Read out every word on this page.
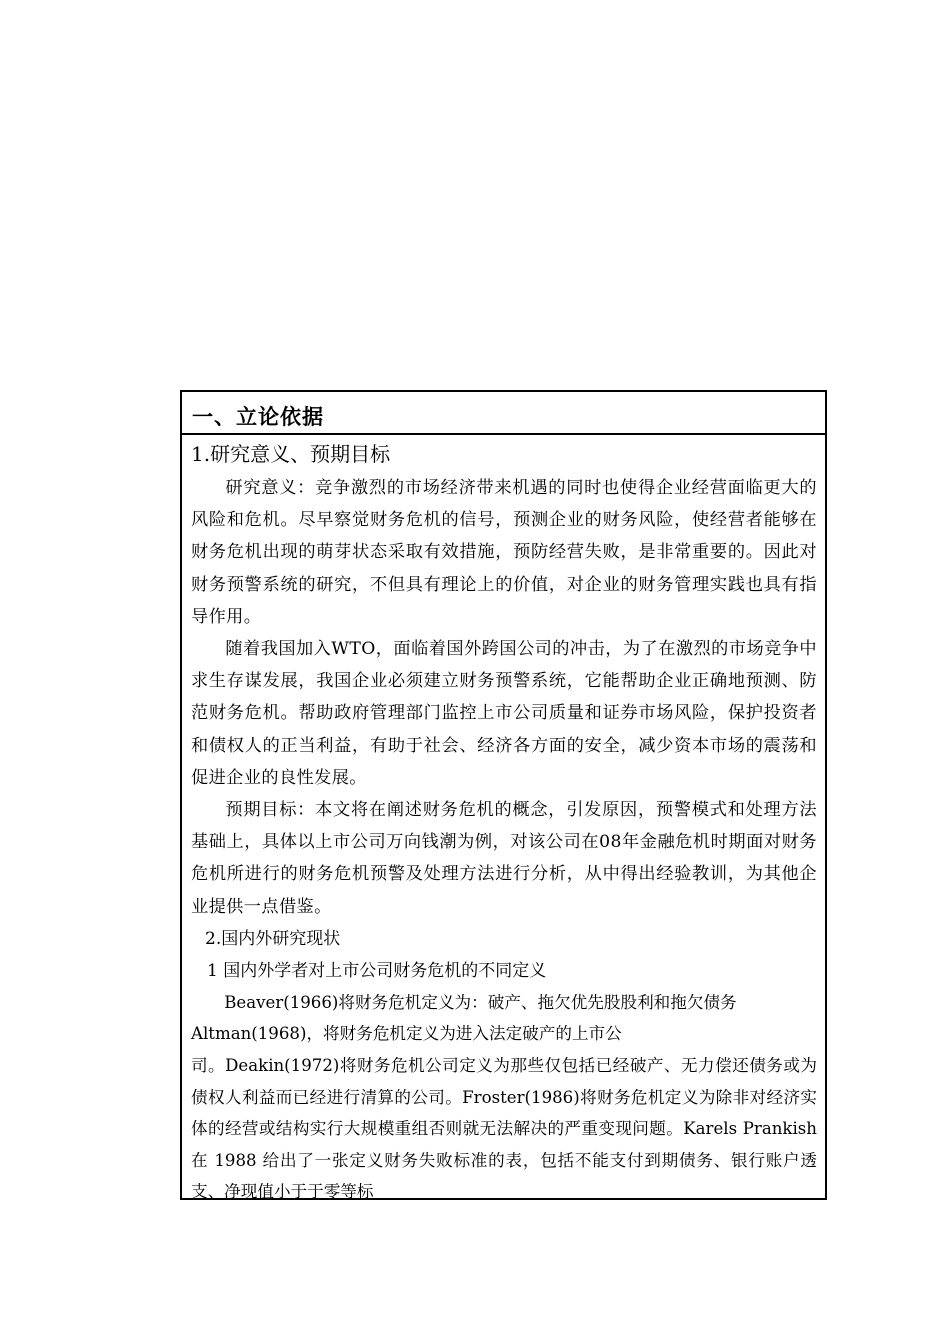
一、立论依据
1.研究意义、预期目标

研究意义：竞争激烈的市场经济带来机遇的同时也使得企业经营面临更大的风险和危机。尽早察觉财务危机的信号，预测企业的财务风险，使经营者能够在财务危机出现的萌芽状态采取有效措施，预防经营失败，是非常重要的。因此对财务预警系统的研究，不但具有理论上的价值，对企业的财务管理实践也具有指导作用。

随着我国加入WTO，面临着国外跨国公司的冲击，为了在激烈的市场竞争中求生存谋发展，我国企业必须建立财务预警系统，它能帮助企业正确地预测、防范财务危机。帮助政府管理部门监控上市公司质量和证券市场风险，保护投资者和债权人的正当利益，有助于社会、经济各方面的安全，减少资本市场的震荡和促进企业的良性发展。

预期目标：本文将在阐述财务危机的概念，引发原因，预警模式和处理方法基础上，具体以上市公司万向钱潮为例，对该公司在08年金融危机时期面对财务危机所进行的财务危机预警及处理方法进行分析，从中得出经验教训，为其他企业提供一点借鉴。

2.国内外研究现状
1 国内外学者对上市公司财务危机的不同定义

Beaver(1966)将财务危机定义为：破产、拖欠优先股股利和拖欠债务

Altman(1968)，将财务危机定义为进入法定破产的上市公

司。Deakin(1972)将财务危机公司定义为那些仅包括已经破产、无力偿还债务或为债权人利益而已经进行清算的公司。Froster(1986)将财务危机定义为除非对经济实体的经营或结构实行大规模重组否则就无法解决的严重变现问题。Karels Prankish 在 1988 给出了一张定义财务失败标准的表，包括不能支付到期债务、银行账户透支、净现值小于于零等标
